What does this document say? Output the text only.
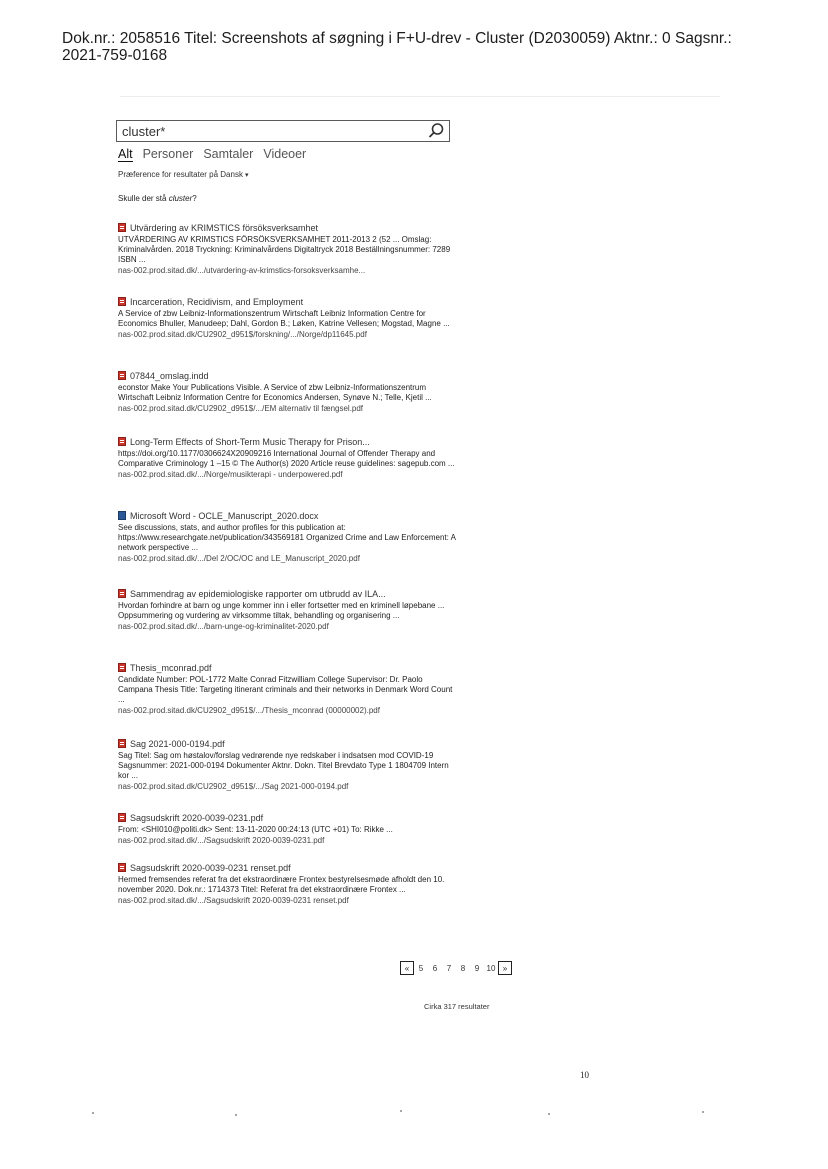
Dok.nr.: 2058516 Titel: Screenshots af søgning i F+U-drev - Cluster (D2030059) Aktnr.: 0 Sagsnr.:
2021-759-0168
cluster*
Alt Personer Samtaler Videoer
Præference for resultater på Dansk ▾
Skulle der stå cluster?
Utvärdering av KRIMSTICS försöksverksamhet
UTVÄRDERING AV KRIMSTICS FÖRSÖKSVERKSAMHET 2011-2013 2 (52 ... Omslag: Kriminalvården. 2018 Tryckning: Kriminalvårdens Digitaltryck 2018 Beställningsnummer: 7289 ISBN ...
nas-002.prod.sitad.dk/.../utvardering-av-krimstics-forsoksverksamhe...
Incarceration, Recidivism, and Employment
A Service of zbw Leibniz-Informationszentrum Wirtschaft Leibniz Information Centre for Economics Bhuller, Manudeep; Dahl, Gordon B.; Løken, Katrine Vellesen; Mogstad, Magne ...
nas-002.prod.sitad.dk/CU2902_d951$/forskning/.../Norge/dp11645.pdf
07844_omslag.indd
econstor Make Your Publications Visible. A Service of zbw Leibniz-Informationszentrum Wirtschaft Leibniz Information Centre for Economics Andersen, Synøve N.; Telle, Kjetil ...
nas-002.prod.sitad.dk/CU2902_d951$/.../EM alternativ til fængsel.pdf
Long-Term Effects of Short-Term Music Therapy for Prison...
https://doi.org/10.1177/0306624X20909216 International Journal of Offender Therapy and Comparative Criminology 1 –15 © The Author(s) 2020 Article reuse guidelines: sagepub.com ...
nas-002.prod.sitad.dk/.../Norge/musikterapi - underpowered.pdf
Microsoft Word - OCLE_Manuscript_2020.docx
See discussions, stats, and author profiles for this publication at: https://www.researchgate.net/publication/343569181 Organized Crime and Law Enforcement: A network perspective ...
nas-002.prod.sitad.dk/.../Del 2/OC/OC and LE_Manuscript_2020.pdf
Sammendrag av epidemiologiske rapporter om utbrudd av ILA...
Hvordan forhindre at barn og unge kommer inn i eller fortsetter med en kriminell løpebane ... Oppsummering og vurdering av virksomme tiltak, behandling og organisering ...
nas-002.prod.sitad.dk/.../barn-unge-og-kriminalitet-2020.pdf
Thesis_mconrad.pdf
Candidate Number: POL-1772 Malte Conrad Fitzwilliam College Supervisor: Dr. Paolo Campana Thesis Title: Targeting itinerant criminals and their networks in Denmark Word Count ...
nas-002.prod.sitad.dk/CU2902_d951$/.../Thesis_mconrad (00000002).pdf
Sag 2021-000-0194.pdf
Sag Titel: Sag om høstalov/forslag vedrørende nye redskaber i indsatsen mod COVID-19 Sagsnummer: 2021-000-0194 Dokumenter Aktnr. Dokn. Titel Brevdato Type 1 1804709 Intern kor ...
nas-002.prod.sitad.dk/CU2902_d951$/.../Sag 2021-000-0194.pdf
Sagsudskrift 2020-0039-0231.pdf
From: <SHI010@politi.dk> Sent: 13-11-2020 00:24:13 (UTC +01) To: Rikke ...
nas-002.prod.sitad.dk/.../Sagsudskrift 2020-0039-0231.pdf
Sagsudskrift 2020-0039-0231 renset.pdf
Hermed fremsendes referat fra det ekstraordinære Frontex bestyrelsesmøde afholdt den 10. november 2020. Dok.nr.: 1714373 Titel: Referat fra det ekstraordinære Frontex ...
nas-002.prod.sitad.dk/.../Sagsudskrift 2020-0039-0231 renset.pdf
«	5	6	7	8	9 10 »
Cirka 317 resultater
10
